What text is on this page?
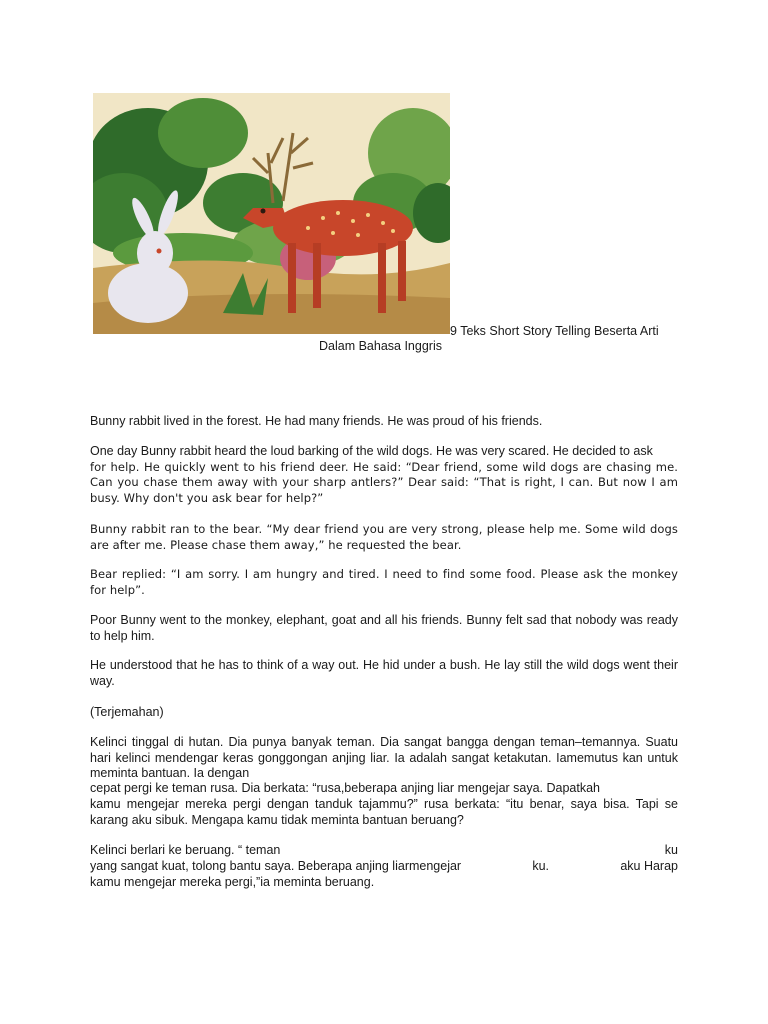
9 Teks Short Story Telling Beserta Arti
Dalam Bahasa Inggris

Bunny rabbit lived in the forest. He had many friends. He was proud of his friends.

One day Bunny rabbit heard the loud barking of the wild dogs. He was very scared. He decided to ask

for help. He quickly went to his friend deer. He said: “Dear friend, some wild dogs are chasing me. Can you chase them away with your sharp antlers?” Dear said: “That is right, I can. But now I am busy. Why don't you ask bear for help?”

Bunny rabbit ran to the bear. “My dear friend you are very strong, please help me. Some wild dogs are after me. Please chase them away,” he requested the bear.

Bear replied: “I am sorry. I am hungry and tired. I need to find some food. Please ask the monkey for help”.

Poor Bunny went to the monkey, elephant, goat and all his friends. Bunny felt sad that nobody was ready to help him.

He understood that he has to think of a way out. He hid under a bush. He lay still the wild dogs went their way.

(Terjemahan)

Kelinci tinggal di hutan. Dia punya banyak teman. Dia sangat bangga dengan teman–temannya. Suatu hari kelinci mendengar keras gonggongan anjing liar. Ia adalah sangat ketakutan. Iamemutus kan untuk meminta bantuan. Ia dengan

cepat pergi ke teman rusa. Dia berkata: “rusa,beberapa anjing liar mengejar saya. Dapatkah

kamu mengejar mereka pergi dengan tanduk tajammu?” rusa berkata: “itu benar, saya bisa. Tapi se karang aku sibuk. Mengapa kamu tidak meminta bantuan beruang?

Kelinci berlari ke beruang. “ teman	ku
yang sangat kuat, tolong bantu saya. Beberapa anjing liarmengejar	ku.	aku Harap

kamu mengejar mereka pergi,”ia meminta beruang.
